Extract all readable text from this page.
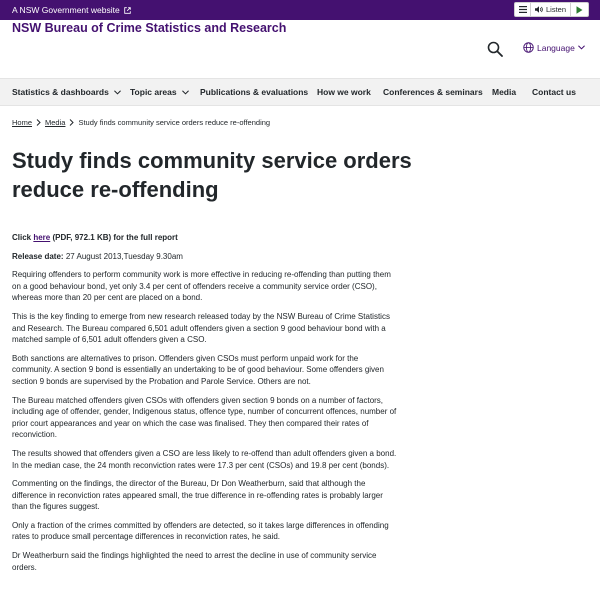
A NSW Government website	Listen
NSW Bureau of Crime Statistics and Research
Language
Statistics & dashboards Topic areas	Publications & evaluations How we work Conferences & seminars Media Contact us
Home Media Study finds community service orders reduce re-offending
Study finds community service orders reduce re-offending

Click here (PDF, 972.1 KB) for the full report

Release date: 27 August 2013,Tuesday 9.30am

Requiring offenders to perform community work is more effective in reducing re-offending than putting them on a good behaviour bond, yet only 3.4 per cent of offenders receive a community service order (CSO), whereas more than 20 per cent are placed on a bond.

This is the key finding to emerge from new research released today by the NSW Bureau of Crime Statistics and Research. The Bureau compared 6,501 adult offenders given a section 9 good behaviour bond with a matched sample of 6,501 adult offenders given a CSO.

Both sanctions are alternatives to prison. Offenders given CSOs must perform unpaid work for the community. A section 9 bond is essentially an undertaking to be of good behaviour. Some offenders given section 9 bonds are supervised by the Probation and Parole Service. Others are not.

The Bureau matched offenders given CSOs with offenders given section 9 bonds on a number of factors, including age of offender, gender, Indigenous status, offence type, number of concurrent offences, number of prior court appearances and year on which the case was finalised. They then compared their rates of reconviction.

The results showed that offenders given a CSO are less likely to re-offend than adult offenders given a bond. In the median case, the 24 month reconviction rates were 17.3 per cent (CSOs) and 19.8 per cent (bonds).

Commenting on the findings, the director of the Bureau, Dr Don Weatherburn, said that although the difference in reconviction rates appeared small, the true difference in re-offending rates is probably larger than the figures suggest.

Only a fraction of the crimes committed by offenders are detected, so it takes large differences in offending rates to produce small percentage differences in reconviction rates, he said.

Dr Weatherburn said the findings highlighted the need to arrest the decline in use of community service orders.
